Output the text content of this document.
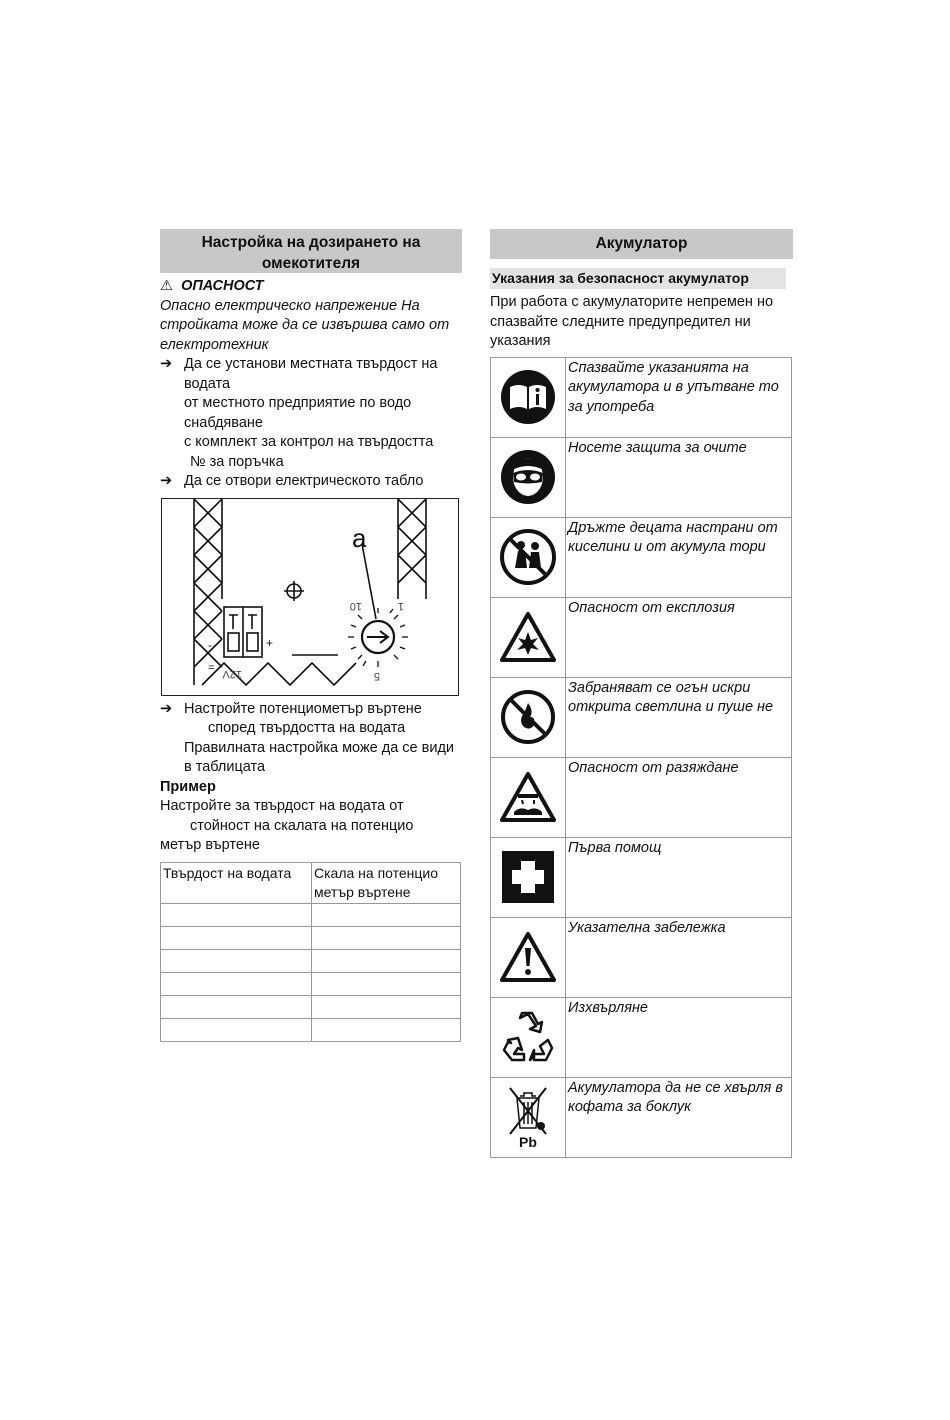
Настройка на дозирането на омекотителя
⚠ ОПАСНОСТ

Опасно електрическо напрежение На стройката може да се извършва само от електротехник

➔ Да се установи местната твърдост на водата
от местното предприятие по водо снабдяване
с комплект за контрол на твърдостта
№ за поръчка
➔ Да се отвори електрическото табло
a
10	1
5
12V
+
-
=
➔ Настройте потенциометър въртене
според твърдостта на водата
Правилната настройка може да се види в таблицата
Пример
Настройте за твърдост на водата от
стойност на скалата на потенцио
метър въртене
Твърдост на водата	Скала на потенцио метър въртене

Акумулатор
Указания за безопасност акумулатор

При работа с акумулаторите непремен но спазвайте следните предупредител ни указания

	Спазвайте указанията на акумулатора и в упътване то за употреба

	Носете защита за очите

	Дръжте децата настрани от киселини и от акумула тори

	Опасност от експлозия

	Забраняват се огън искри открита светлина и пуше не

	Опасност от разяждане

	Първа помощ

	Указателна забележка

	Изхвърляне

Pb	Акумулатора да не се хвърля в кофата за боклук
